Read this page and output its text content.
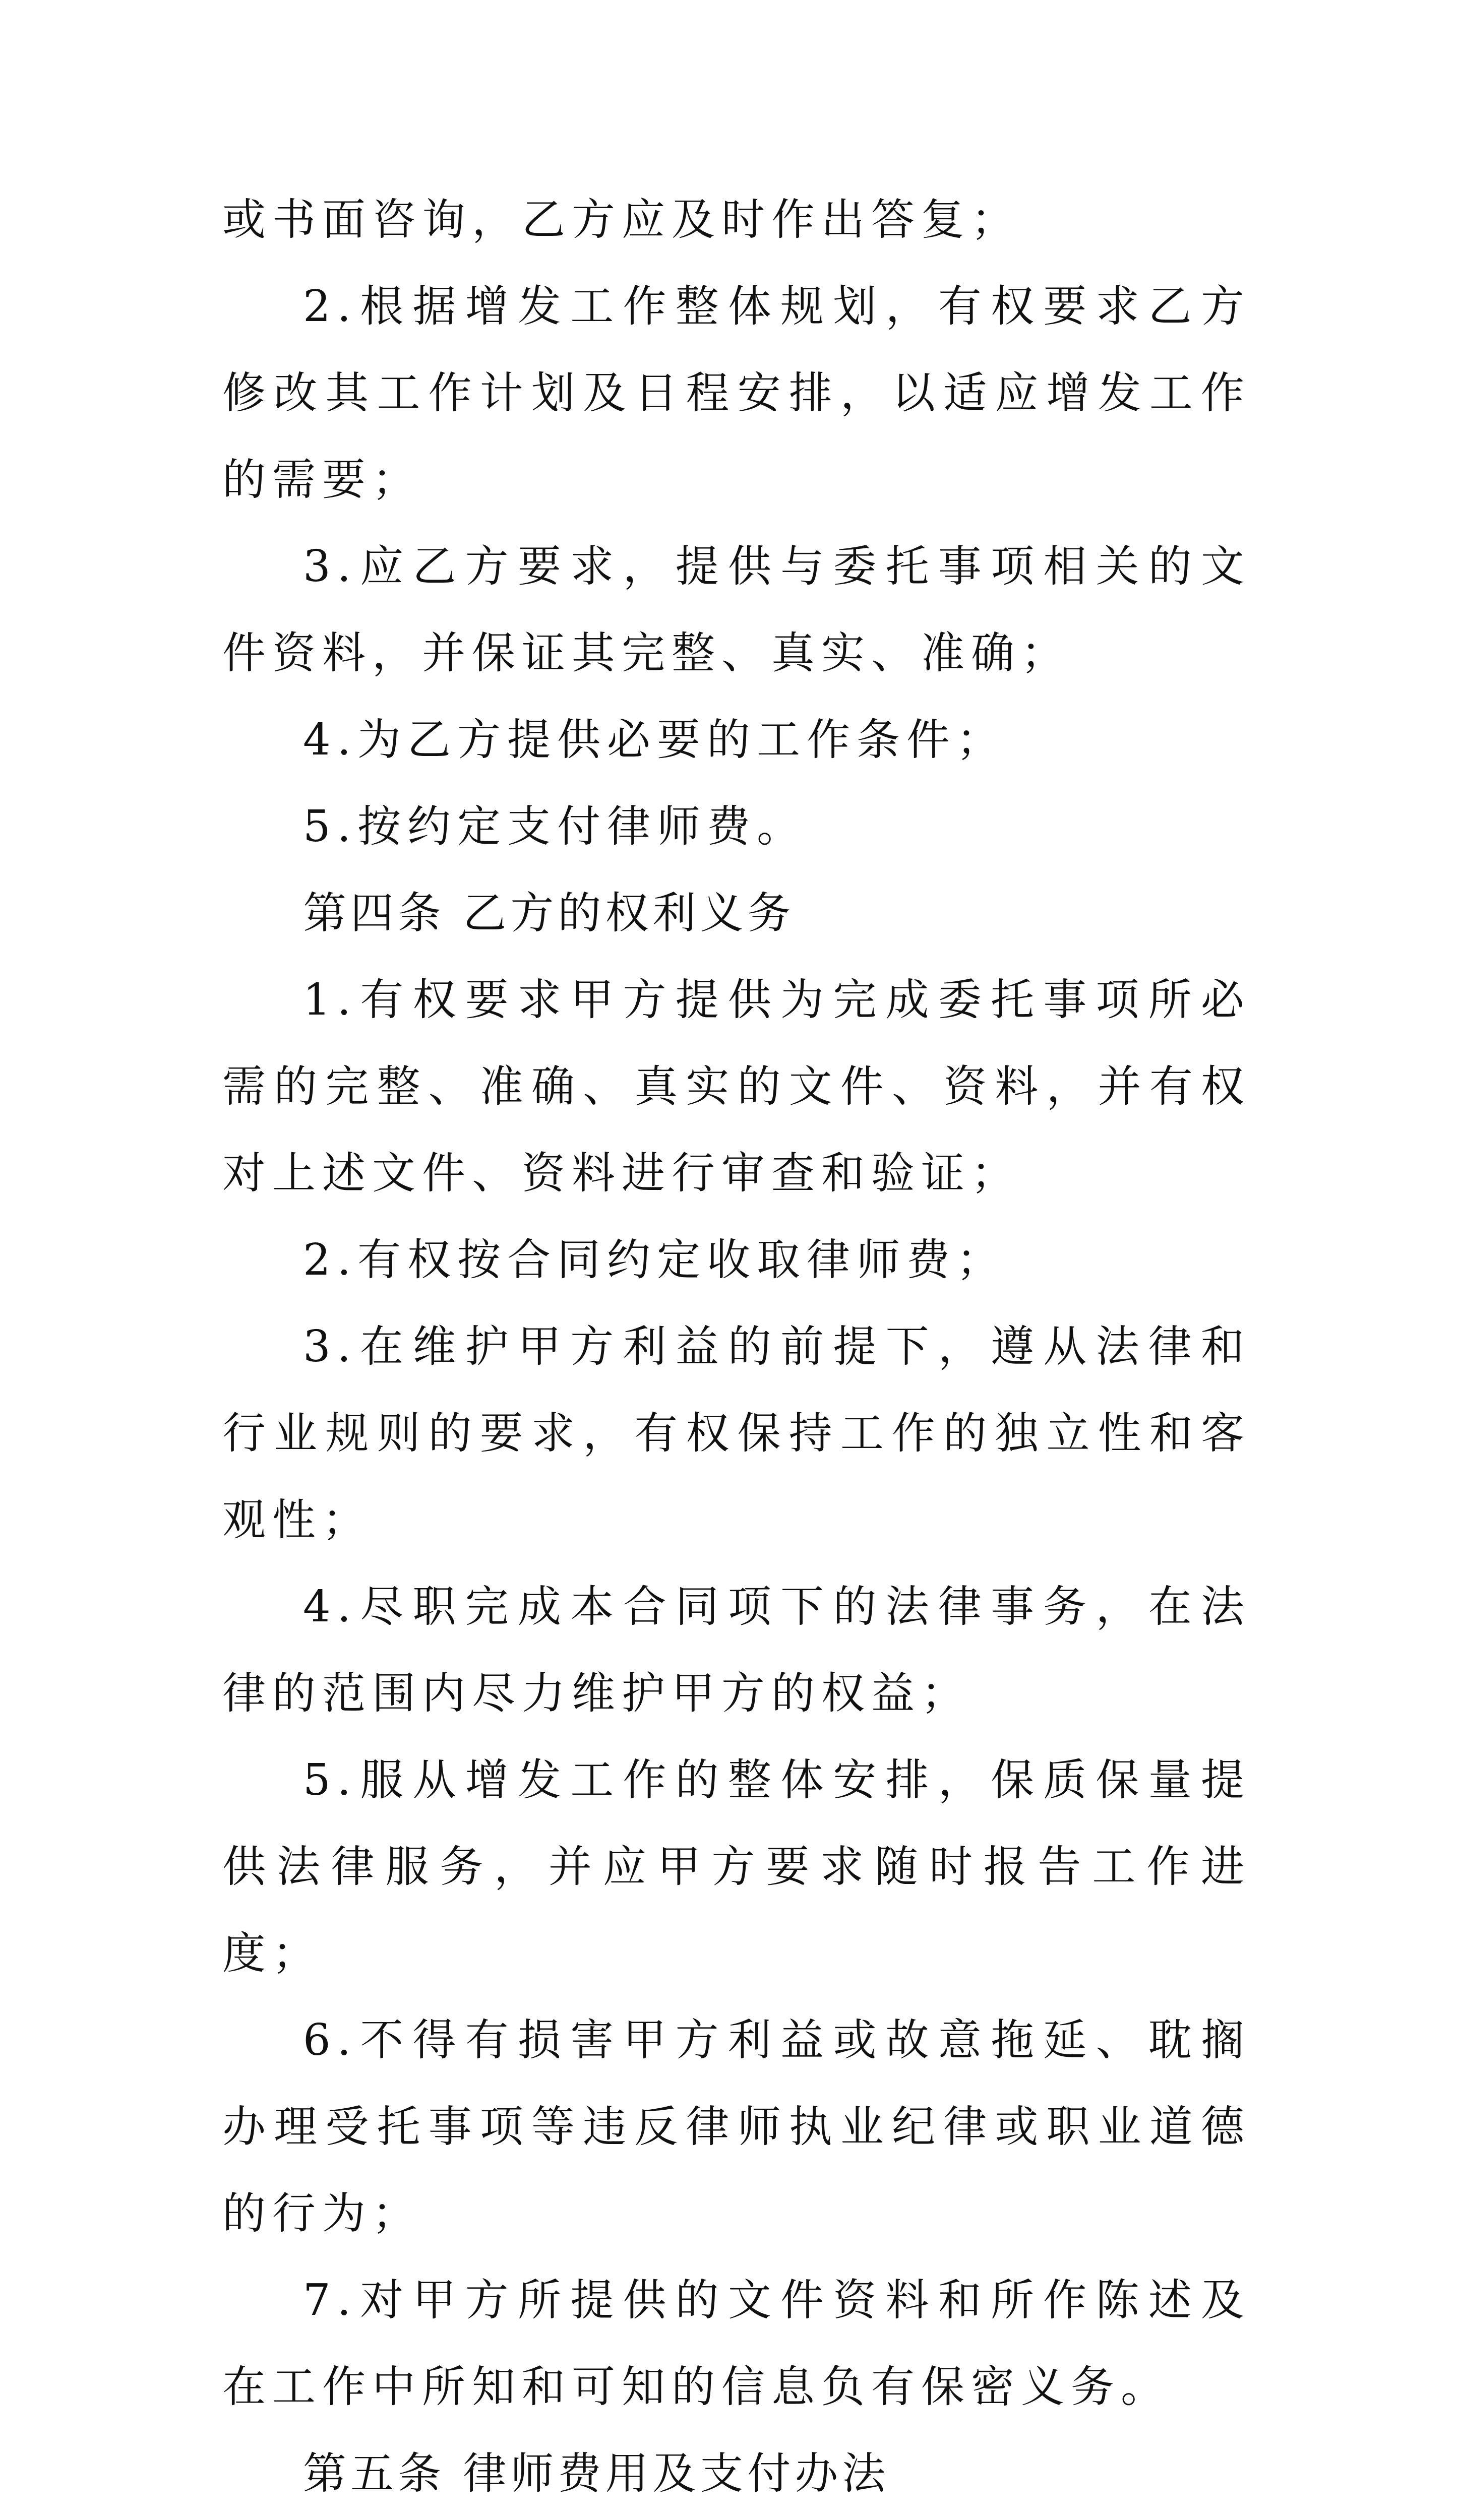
或书面咨询，乙方应及时作出答复；

2.根据增发工作整体规划，有权要求乙方修改其工作计划及日程安排，以适应增发工作的需要；

3.应乙方要求，提供与委托事项相关的文件资料，并保证其完整、真实、准确；

4.为乙方提供必要的工作条件；

5.按约定支付律师费。

第四条 乙方的权利义务

1.有权要求甲方提供为完成委托事项所必需的完整、准确、真实的文件、资料，并有权对上述文件、资料进行审查和验证；

2.有权按合同约定收取律师费；

3.在维护甲方利益的前提下，遵从法律和行业规则的要求，有权保持工作的独立性和客观性；

4.尽职完成本合同项下的法律事务，在法律的范围内尽力维护甲方的权益；

5.服从增发工作的整体安排，保质保量提供法律服务，并应甲方要求随时报告工作进度；

6.不得有损害甲方利益或故意拖延、耽搁办理受托事项等违反律师执业纪律或职业道德的行为；

7.对甲方所提供的文件资料和所作陈述及在工作中所知和可知的信息负有保密义务。

第五条 律师费用及支付办法
